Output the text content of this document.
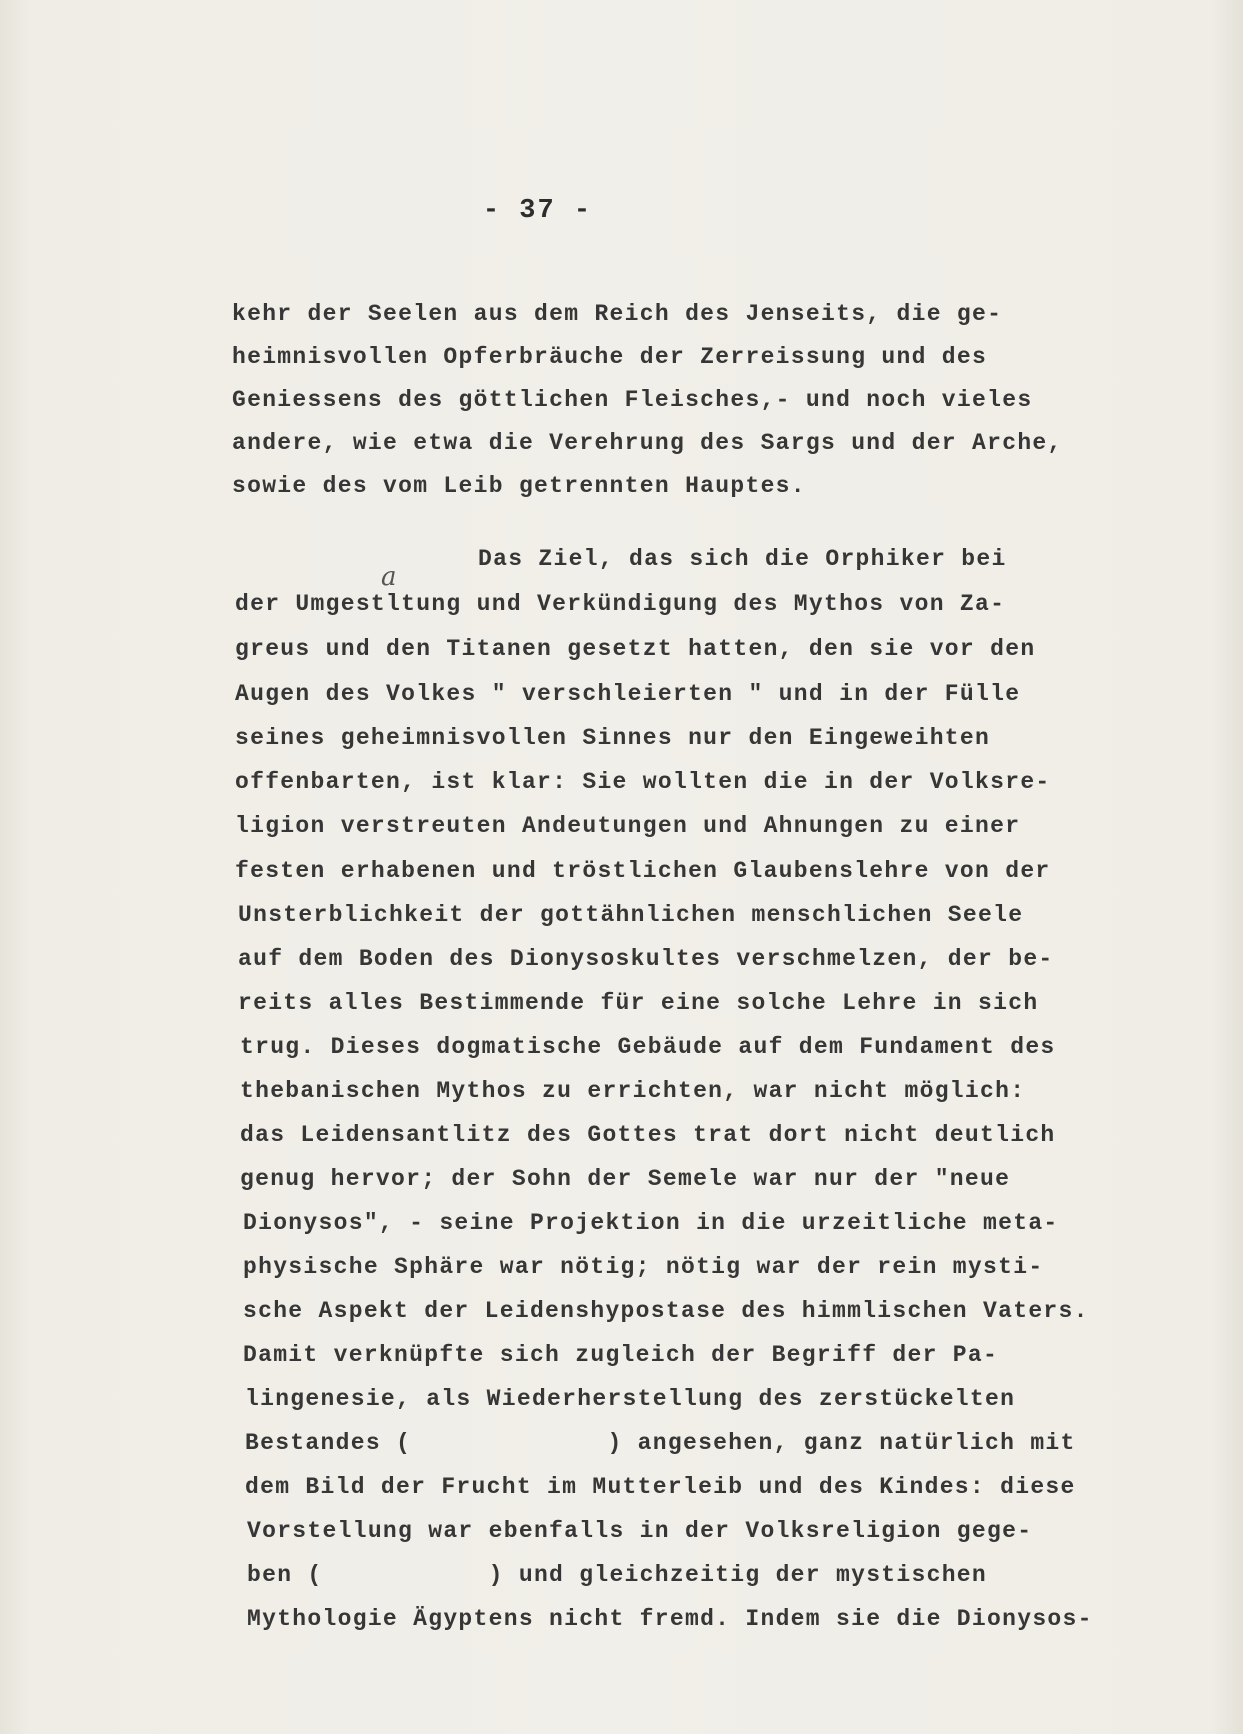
- 37 -
a
kehr der Seelen aus dem Reich des Jenseits, die ge-
heimnisvollen Opferbräuche der Zerreissung und des
Geniessens des göttlichen Fleisches,- und noch vieles
andere, wie etwa die Verehrung des Sargs und der Arche,
sowie des vom Leib getrennten Hauptes.
Das Ziel, das sich die Orphiker bei
der Umgestltung und Verkündigung des Mythos von Za-
greus und den Titanen gesetzt hatten, den sie vor den
Augen des Volkes " verschleierten " und in der Fülle
seines geheimnisvollen Sinnes nur den Eingeweihten
offenbarten, ist klar: Sie wollten die in der Volksre-
ligion verstreuten Andeutungen und Ahnungen zu einer
festen erhabenen und tröstlichen Glaubenslehre von der
Unsterblichkeit der gottähnlichen menschlichen Seele
auf dem Boden des Dionysoskultes verschmelzen, der be-
reits alles Bestimmende für eine solche Lehre in sich
trug. Dieses dogmatische Gebäude auf dem Fundament des
thebanischen Mythos zu errichten, war nicht möglich:
das Leidensantlitz des Gottes trat dort nicht deutlich
genug hervor; der Sohn der Semele war nur der "neue
Dionysos", - seine Projektion in die urzeitliche meta-
physische Sphäre war nötig; nötig war der rein mysti-
sche Aspekt der Leidenshypostase des himmlischen Vaters.
Damit verknüpfte sich zugleich der Begriff der Pa-
lingenesie, als Wiederherstellung des zerstückelten
Bestandes (             ) angesehen, ganz natürlich mit
dem Bild der Frucht im Mutterleib und des Kindes: diese
Vorstellung war ebenfalls in der Volksreligion gege-
ben (           ) und gleichzeitig der mystischen
Mythologie Ägyptens nicht fremd. Indem sie die Dionysos-
